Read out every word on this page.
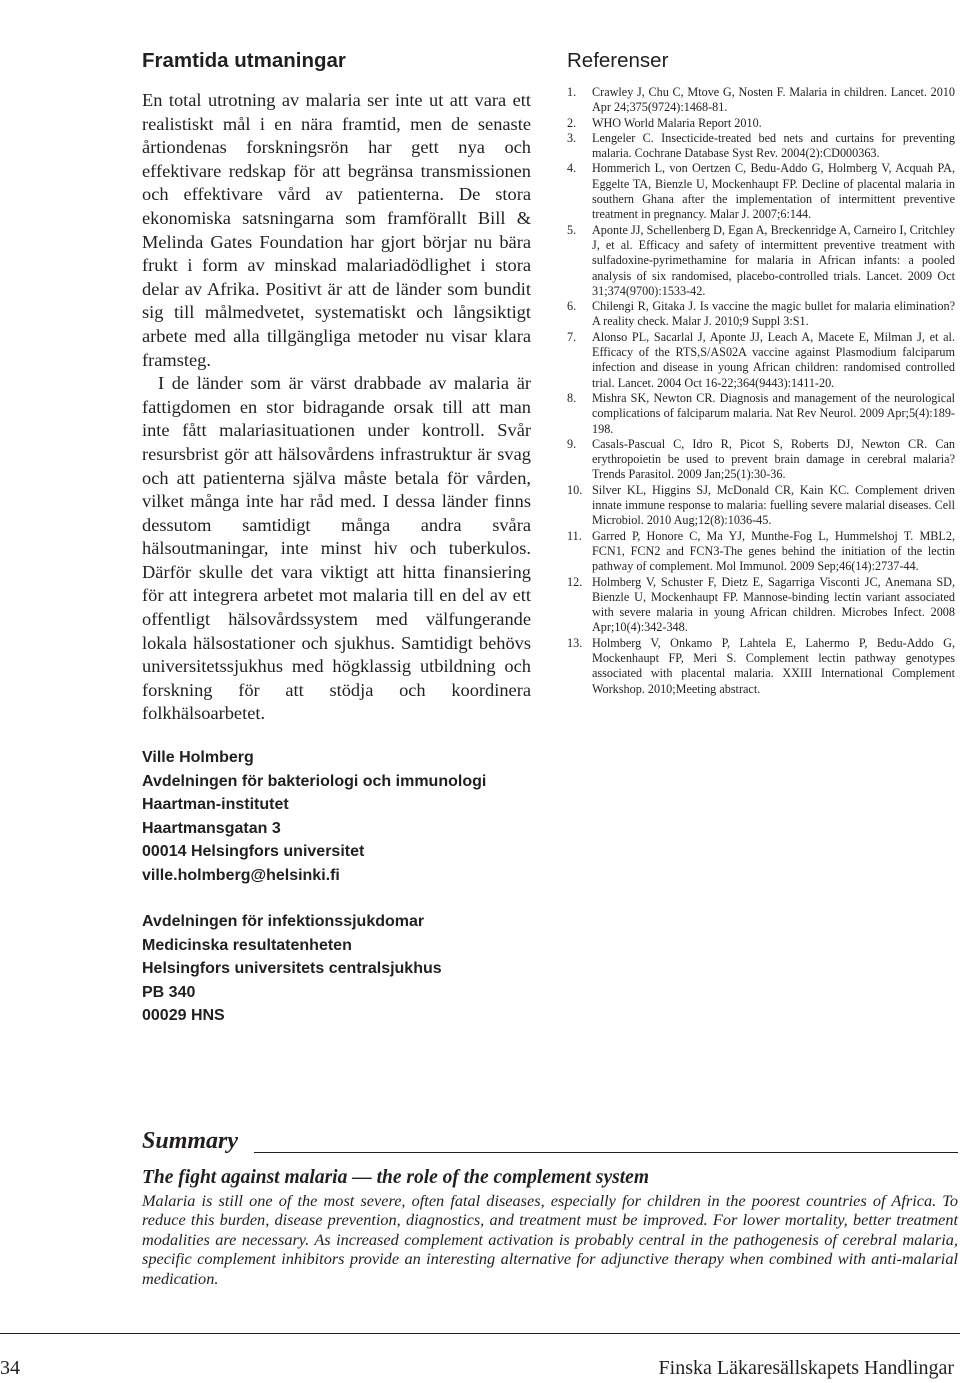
Framtida utmaningar

En total utrotning av malaria ser inte ut att vara ett realistiskt mål i en nära framtid, men de senaste årtiondenas forskningsrön har gett nya och effektivare redskap för att begränsa transmissionen och effektivare vård av patienterna. De stora ekonomiska satsningarna som framförallt Bill & Melinda Gates Foundation har gjort börjar nu bära frukt i form av minskad malariadödlighet i stora delar av Afrika. Positivt är att de länder som bundit sig till målmedvetet, systematiskt och långsiktigt arbete med alla tillgängliga metoder nu visar klara framsteg.

I de länder som är värst drabbade av malaria är fattigdomen en stor bidragande orsak till att man inte fått malariasituationen under kontroll. Svår resursbrist gör att hälsovårdens infrastruktur är svag och att patienterna själva måste betala för vården, vilket många inte har råd med. I dessa länder finns dessutom samtidigt många andra svåra hälsoutmaningar, inte minst hiv och tuberkulos. Därför skulle det vara viktigt att hitta finansiering för att integrera arbetet mot malaria till en del av ett offentligt hälsovårdssystem med välfungerande lokala hälsostationer och sjukhus. Samtidigt behövs universitetssjukhus med högklassig utbildning och forskning för att stödja och koordinera folkhälsoarbetet.

Ville Holmberg
Avdelningen för bakteriologi och immunologi
Haartman-institutet
Haartmansgatan 3
00014 Helsingfors universitet
ville.holmberg@helsinki.fi
Avdelningen för infektionssjukdomar
Medicinska resultatenheten
Helsingfors universitets centralsjukhus
PB 340
00029 HNS
Referenser
1. Crawley J, Chu C, Mtove G, Nosten F. Malaria in children. Lancet. 2010 Apr 24;375(9724):1468-81.
2. WHO World Malaria Report 2010.
3. Lengeler C. Insecticide-treated bed nets and curtains for preventing malaria. Cochrane Database Syst Rev. 2004(2):CD000363.
4. Hommerich L, von Oertzen C, Bedu-Addo G, Holmberg V, Acquah PA, Eggelte TA, Bienzle U, Mockenhaupt FP. Decline of placental malaria in southern Ghana after the implementation of intermittent preventive treatment in pregnancy. Malar J. 2007;6:144.
5. Aponte JJ, Schellenberg D, Egan A, Breckenridge A, Carneiro I, Critchley J, et al. Efficacy and safety of intermittent preventive treatment with sulfadoxine-pyrimethamine for malaria in African infants: a pooled analysis of six randomised, placebo-controlled trials. Lancet. 2009 Oct 31;374(9700):1533-42.
6. Chilengi R, Gitaka J. Is vaccine the magic bullet for malaria elimination? A reality check. Malar J. 2010;9 Suppl 3:S1.
7. Alonso PL, Sacarlal J, Aponte JJ, Leach A, Macete E, Milman J, et al. Efficacy of the RTS,S/AS02A vaccine against Plasmodium falciparum infection and disease in young African children: randomised controlled trial. Lancet. 2004 Oct 16-22;364(9443):1411-20.
8. Mishra SK, Newton CR. Diagnosis and management of the neurological complications of falciparum malaria. Nat Rev Neurol. 2009 Apr;5(4):189-198.
9. Casals-Pascual C, Idro R, Picot S, Roberts DJ, Newton CR. Can erythropoietin be used to prevent brain damage in cerebral malaria? Trends Parasitol. 2009 Jan;25(1):30-36.
10. Silver KL, Higgins SJ, McDonald CR, Kain KC. Complement driven innate immune response to malaria: fuelling severe malarial diseases. Cell Microbiol. 2010 Aug;12(8):1036-45.
11. Garred P, Honore C, Ma YJ, Munthe-Fog L, Hummelshoj T. MBL2, FCN1, FCN2 and FCN3-The genes behind the initiation of the lectin pathway of complement. Mol Immunol. 2009 Sep;46(14):2737-44.
12. Holmberg V, Schuster F, Dietz E, Sagarriga Visconti JC, Anemana SD, Bienzle U, Mockenhaupt FP. Mannose-binding lectin variant associated with severe malaria in young African children. Microbes Infect. 2008 Apr;10(4):342-348.
13. Holmberg V, Onkamo P, Lahtela E, Lahermo P, Bedu-Addo G, Mockenhaupt FP, Meri S. Complement lectin pathway genotypes associated with placental malaria. XXIII International Complement Workshop. 2010;Meeting abstract.
Summary

The fight against malaria — the role of the complement system

Malaria is still one of the most severe, often fatal diseases, especially for children in the poorest countries of Africa. To reduce this burden, disease prevention, diagnostics, and treatment must be improved. For lower mortality, better treatment modalities are necessary. As increased complement activation is probably central in the pathogenesis of cerebral malaria, specific complement inhibitors provide an interesting alternative for adjunctive therapy when combined with anti-malarial medication.

34	Finska Läkaresällskapets Handlingar
